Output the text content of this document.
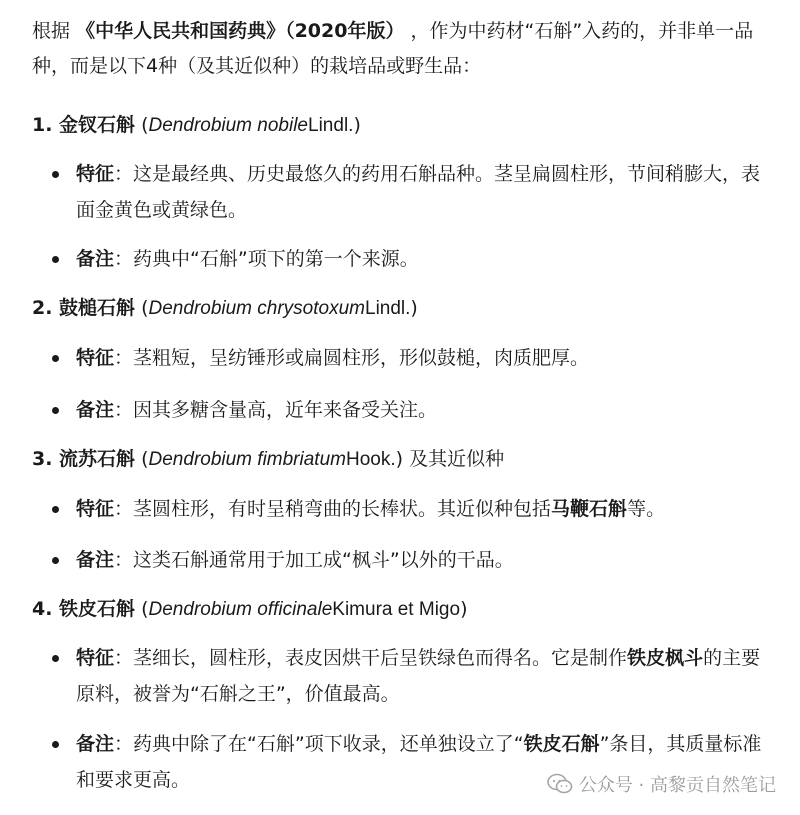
根据 《中华人民共和国药典》（2020年版） ，作为中药材“石斛”入药的，并非单一品种，而是以下4种（及其近似种）的栽培品或野生品：
1. 金钗石斛 (Dendrobium nobileLindl.)
特征：这是最经典、历史最悠久的药用石斛品种。茎呈扁圆柱形，节间稍膨大，表面金黄色或黄绿色。
备注：药典中“石斛”项下的第一个来源。
2. 鼓槌石斛 (Dendrobium chrysotoxumLindl.)
特征：茎粗短，呈纺锤形或扁圆柱形，形似鼓槌，肉质肥厚。
备注：因其多糖含量高，近年来备受关注。
3. 流苏石斛 (Dendrobium fimbriatumHook.) 及其近似种
特征：茎圆柱形，有时呈稍弯曲的长棒状。其近似种包括马鞭石斛等。
备注：这类石斛通常用于加工成“枫斗”以外的干品。
4. 铁皮石斛 (Dendrobium officinaleKimura et Migo)
特征：茎细长，圆柱形，表皮因烘干后呈铁绿色而得名。它是制作铁皮枫斗的主要原料，被誉为“石斛之王”，价值最高。
备注：药典中除了在“石斛”项下收录，还单独设立了“铁皮石斛”条目，其质量标准和要求更高。	公众号 · 高黎贡自然笔记
